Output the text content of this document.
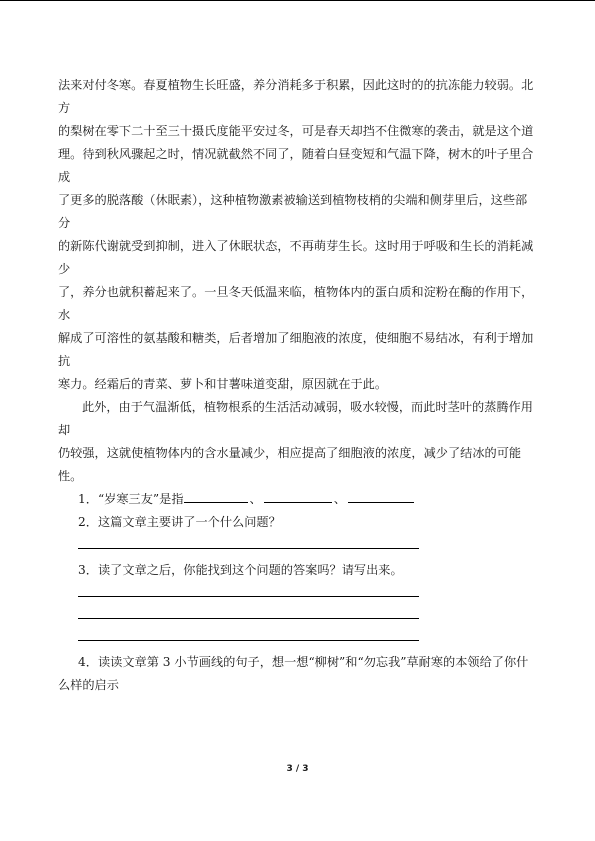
法来对付冬寒。春夏植物生长旺盛，养分消耗多于积累，因此这时的的抗冻能力较弱。北方

的梨树在零下二十至三十摄氏度能平安过冬，可是春天却挡不住微寒的袭击，就是这个道

理。待到秋风骤起之时，情况就截然不同了，随着白昼变短和气温下降，树木的叶子里合成

了更多的脱落酸（休眠素），这种植物激素被输送到植物枝梢的尖端和侧芽里后，这些部分

的新陈代谢就受到抑制，进入了休眠状态，不再萌芽生长。这时用于呼吸和生长的消耗减少

了，养分也就积蓄起来了。一旦冬天低温来临，植物体内的蛋白质和淀粉在酶的作用下，水

解成了可溶性的氨基酸和糖类，后者增加了细胞液的浓度，使细胞不易结冰，有利于增加抗

寒力。经霜后的青菜、萝卜和甘薯味道变甜，原因就在于此。

此外，由于气温渐低，植物根系的生活活动减弱，吸水较慢，而此时茎叶的蒸腾作用却

仍较强，这就使植物体内的含水量减少，相应提高了细胞液的浓度，减少了结冰的可能性。

1．“岁寒三友”是指	、	、

2．这篇文章主要讲了一个什么问题？

3．读了文章之后，你能找到这个问题的答案吗？请写出来。

4．读读文章第 3 小节画线的句子，想一想“柳树”和“勿忘我”草耐寒的本领给了你什

么样的启示

3 / 3
